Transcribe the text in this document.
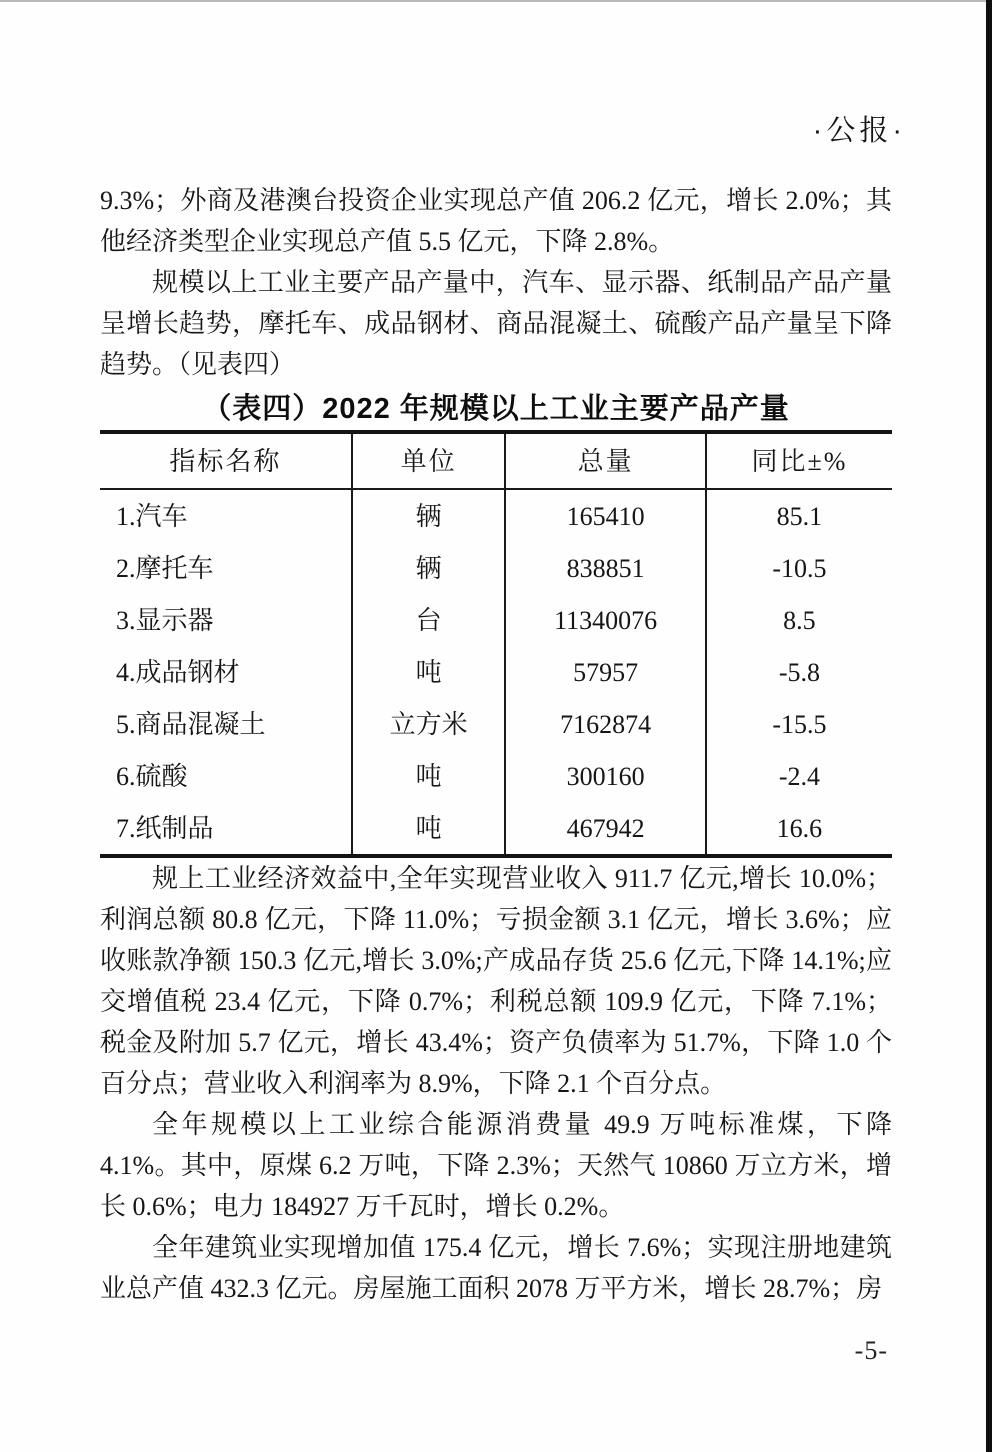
·公报·

9.3%；外商及港澳台投资企业实现总产值 206.2 亿元，增长 2.0%；其他经济类型企业实现总产值 5.5 亿元，下降 2.8%。

规模以上工业主要产品产量中，汽车、显示器、纸制品产品产量呈增长趋势，摩托车、成品钢材、商品混凝土、硫酸产品产量呈下降趋势。（见表四）

（表四）2022 年规模以上工业主要产品产量
指标名称	单位	总量	同比±%
1.汽车	辆	165410	85.1
2.摩托车	辆	838851	-10.5
3.显示器	台	11340076	8.5
4.成品钢材	吨	57957	-5.8
5.商品混凝土	立方米	7162874	-15.5
6.硫酸	吨	300160	-2.4
7.纸制品	吨	467942	16.6

规上工业经济效益中,全年实现营业收入 911.7 亿元,增长 10.0%；利润总额 80.8 亿元，下降 11.0%；亏损金额 3.1 亿元，增长 3.6%；应收账款净额 150.3 亿元,增长 3.0%;产成品存货 25.6 亿元,下降 14.1%;应交增值税 23.4 亿元，下降 0.7%；利税总额 109.9 亿元，下降 7.1%；税金及附加 5.7 亿元，增长 43.4%；资产负债率为 51.7%，下降 1.0 个百分点；营业收入利润率为 8.9%，下降 2.1 个百分点。

全年规模以上工业综合能源消费量 49.9 万吨标准煤，下降 4.1%。其中，原煤 6.2 万吨，下降 2.3%；天然气 10860 万立方米，增长 0.6%；电力 184927 万千瓦时，增长 0.2%。

全年建筑业实现增加值 175.4 亿元，增长 7.6%；实现注册地建筑业总产值 432.3 亿元。房屋施工面积 2078 万平方米，增长 28.7%；房

-5-
